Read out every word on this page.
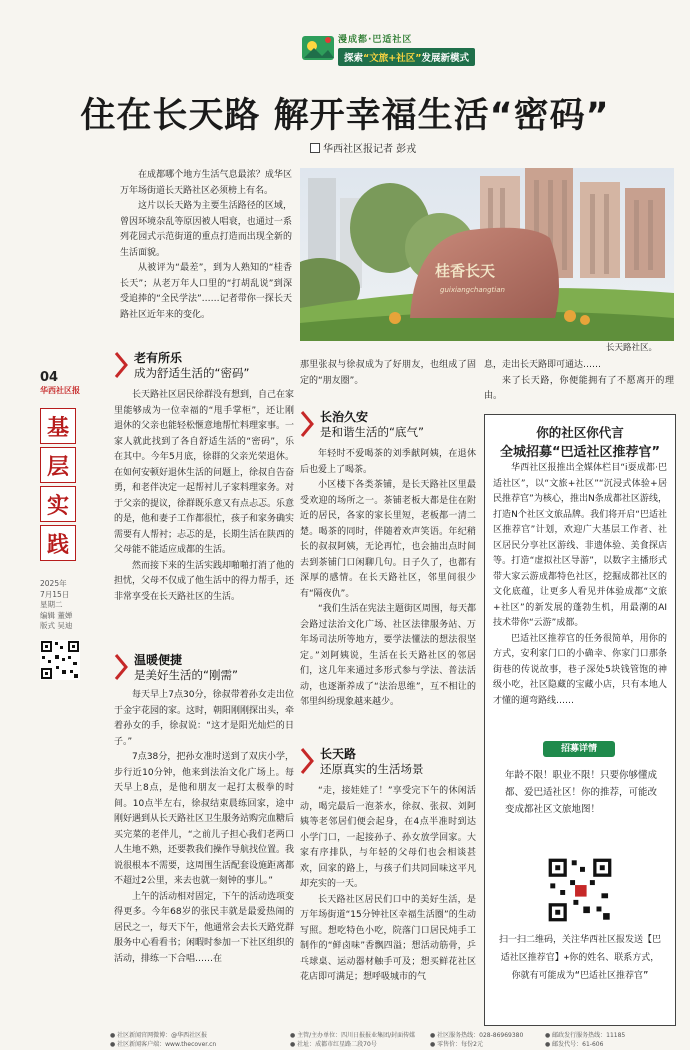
漫成都·巴适社区
探索“文旅+社区”发展新模式
住在长天路 解开幸福生活“密码”
华西社区报记者 彭戎

在成都哪个地方生活气息最浓？成华区万年场街道长天路社区必须榜上有名。

这片以长天路为主要生活路径的区域，曾因环境杂乱等原因被人唱衰，也通过一系列花园式示范街道的重点打造而出现全新的生活面貌。

从被评为“最差”，到为人熟知的“桂香长天”；从老万年人口里的“打胡乱说”到深受追捧的“全民学法”……记者带你一探长天路社区近年来的变化。

桂香长天
guixiangchangtian
长天路社区。
04
华西社区报
基
层
实
践
2025年
7月15日
星期二
编辑 董婵
版式 吴迪
老有所乐
成为舒适生活的“密码”

长天路社区居民徐群没有想到，自己在家里能够成为一位幸福的“甩手掌柜”，还让刚退休的父亲也能轻松愜意地帮忙料理家事。一家人就此找到了各自舒适生活的“密码”，乐在其中。今年5月底，徐群的父亲光荣退休。在如何安顿好退休生活的问题上，徐叔自告奋勇，和老伴决定一起帮衬儿子家料理家务。对于父亲的提议，徐群既乐意又有点忐忑。乐意的是，他和妻子工作都很忙，孩子和家务确实需要有人帮衬；忐忑的是，长期生活在陕西的父母能不能适应成都的生活。

然而接下来的生活实践却啪啪打消了他的担忧，父母不仅成了他生活中的得力帮手，还非常享受在长天路社区的生活。

温暖便捷
是美好生活的“刚需”

每天早上7点30分，徐叔带着孙女走出位于金宇花园的家。这时，朝阳刚刚探出头，牵着孙女的手，徐叔说：“这才是阳光灿烂的日子。”

7点38分，把孙女准时送到了双庆小学，步行近10分钟，他来到法治文化广场上。每天早上8点，是他和朋友一起打太极拳的时间。10点半左右，徐叔结束晨练回家，途中刚好遇到从长天路社区卫生服务站购完血糖后买完菜的老伴儿，“之前儿子担心我们老两口人生地不熟，还要教我们操作导航找位置。我说很根本不需要，这周围生活配套设施距离都不超过2公里，来去也就一刻钟的事儿。”

上午的活动相对固定，下午的活动选项变得更多。今年68岁的张民丰就是最爱热闹的居民之一，每天下午，他通常会去长天路党群服务中心看看书；闲暇时参加一下社区组织的活动，排练一下合唱……在

那里张叔与徐叔成为了好朋友，也组成了固定的“朋友圈”。

长治久安
是和谐生活的“底气”

年轻时不爱喝茶的刘季献阿姨，在退休后也爱上了喝茶。

小区楼下各类茶铺，是长天路社区里最受欢迎的场所之一。茶铺老板大都是住在附近的居民，各家的家长里短，老板都一清二楚。喝茶的同时，伴随着欢声笑语。年纪稍长的叔叔阿姨，无论再忙，也会抽出点时间去到茶铺门口闲聊几句。日子久了，也都有深厚的感情。在长天路社区，邻里间很少有“隔夜仇”。

“我们生活在宪法主题街区周围，每天都会路过法治文化广场、社区法律服务站、万年场司法所等地方，要学法懂法的想法很坚定。”刘阿姨说，生活在长天路社区的邻居们，这几年来通过多形式参与学法、普法活动，也逐渐养成了“法治思维”，互不相让的邻里纠纷现象越来越少。

长天路
还原真实的生活场景

“走，接娃娃了！”享受完下午的休闲活动，喝完最后一泡茶水，徐叔、张叔、刘阿姨等老邻居们便会起身，在4点半准时到达小学门口，一起接孙子、孙女放学回家。大家有序排队，与年轻的父母们也会相谈甚欢，回家的路上，与孩子们共同回味这平凡却充实的一天。

长天路社区居民们口中的美好生活，是万年场街道“15分钟社区幸福生活圈”的生动写照。想吃特色小吃，院落门口居民炖手工制作的“鲜卤味”香飘四溢；想活动筋骨，乒乓球桌、运动器材触手可及；想买鲜花社区花店即可满足；想呼吸城市的气

息，走出长天路即可通达……

来了长天路，你便能拥有了不愿离开的理由。

你的社区你代言
全城招募“巴适社区推荐官”

华西社区报推出全媒体栏目“i耍成都·巴适社区”，以“文旅+社区”“沉浸式体验+居民推荐官”为核心，推出N条成都社区游线，打造N个社区文旅品牌。我们将开启“巴适社区推荐官”计划，欢迎广大基层工作者、社区居民分享社区游线、非遗体验、美食探店等。打造“虚拟社区导游”，以数字主播形式带大家云游成都特色社区，挖掘成都社区的文化底蕴，让更多人看见并体验成都“文旅+社区”的新发展的蓬勃生机，用最潮的AI技术带你“云游”成都。

巴适社区推荐官的任务很简单，用你的方式，安利家门口的小确幸、你家门口那条街巷的传说故事，巷子深处5块钱管饱的神级小吃，社区隐藏的宝藏小店，只有本地人才懂的遛弯路线……

招募详情
年龄不限！职业不限！只要你够懂成都、爱巴适社区！你的推荐，可能改变成都社区文旅地图！
扫一扫二维码，关注华西社区报发送【巴适社区推荐官】+你的姓名、联系方式，你就有可能成为“巴适社区推荐官”
● 社区新闻官网微博：@华西社区报
● 社区新闻客户端：www.thecover.cn
● 主管/主办单位：四川日报报业集团/封面传媒
● 社址：成都市红星路二段70号
● 社区服务热线：028-86969380
● 零售价：每份2元
● 邮政发行服务热线：11185
● 邮发代号：61-606
